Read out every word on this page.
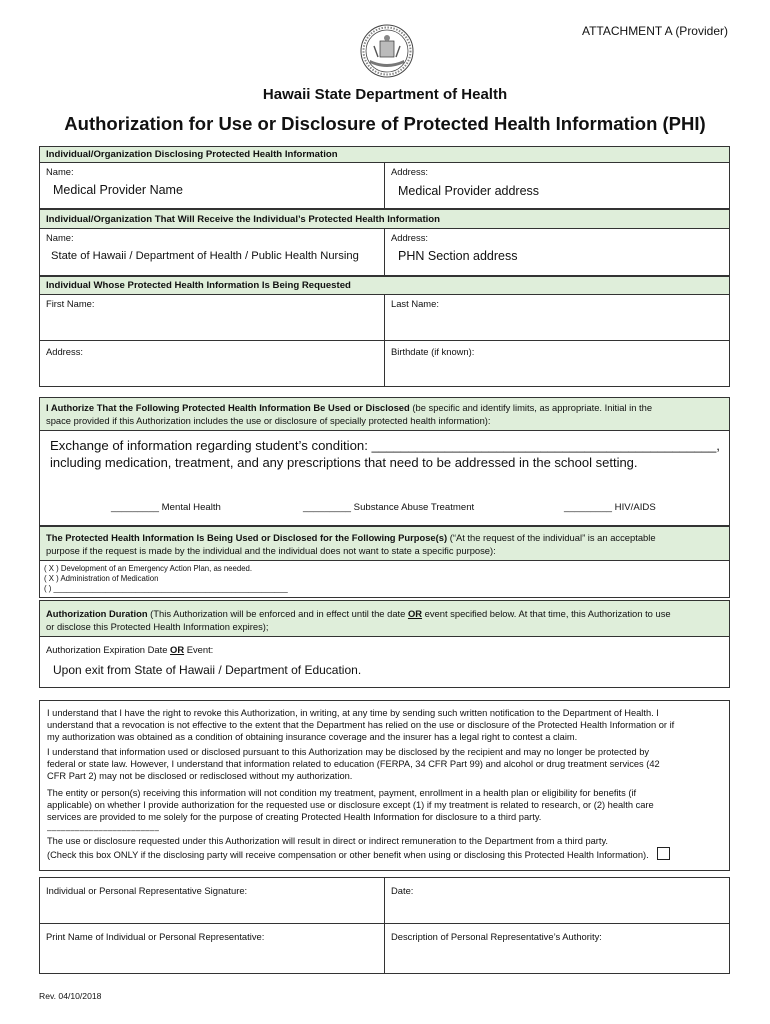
ATTACHMENT A (Provider)
Hawaii State Department of Health
Authorization for Use or Disclosure of Protected Health Information (PHI)
Individual/Organization Disclosing Protected Health Information
Name:
Medical Provider Name
Address:
Medical Provider address
Individual/Organization That Will Receive the Individual’s Protected Health Information
Name:
State of Hawaii / Department of Health / Public Health Nursing
Address:
PHN Section address
Individual Whose Protected Health Information Is Being Requested
First Name:	Last Name:
Address:	Birthdate (if known):
I Authorize That the Following Protected Health Information Be Used or Disclosed (be specific and identify limits, as appropriate. Initial in the
space provided if this Authorization includes the use or disclosure of specially protected health information):
Exchange of information regarding student’s condition: _______________________________________________,
including medication, treatment, and any prescriptions that need to be addressed in the school setting.
_________ Mental Health	_________ Substance Abuse Treatment	_________ HIV/AIDS
The Protected Health Information Is Being Used or Disclosed for the Following Purpose(s) (“At the request of the individual” is an acceptable
purpose if the request is made by the individual and the individual does not want to state a specific purpose):
( X ) Development of an Emergency Action Plan, as needed.
( X ) Administration of Medication
( ) ______________________________________________________
Authorization Duration (This Authorization will be enforced and in effect until the date OR event specified below. At that time, this Authorization to use
or disclose this Protected Health Information expires);
Authorization Expiration Date OR Event:
Upon exit from State of Hawaii / Department of Education.
I understand that I have the right to revoke this Authorization, in writing, at any time by sending such written notification to the Department of Health. I
understand that a revocation is not effective to the extent that the Department has relied on the use or disclosure of the Protected Health Information or if
my authorization was obtained as a condition of obtaining insurance coverage and the insurer has a legal right to contest a claim.
I understand that information used or disclosed pursuant to this Authorization may be disclosed by the recipient and may no longer be protected by
federal or state law. However, I understand that information related to education (FERPA, 34 CFR Part 99) and alcohol or drug treatment services (42
CFR Part 2) may not be disclosed or redisclosed without my authorization.
The entity or person(s) receiving this information will not condition my treatment, payment, enrollment in a health plan or eligibility for benefits (if
applicable) on whether I provide authorization for the requested use or disclosure except (1) if my treatment is related to research, or (2) health care
services are provided to me solely for the purpose of creating Protected Health Information for disclosure to a third party.
– – – – – – – – – – – – – – – – – – – – – – – –
The use or disclosure requested under this Authorization will result in direct or indirect remuneration to the Department from a third party.
(Check this box ONLY if the disclosing party will receive compensation or other benefit when using or disclosing this Protected Health Information).
Individual or Personal Representative Signature:	Date:
Print Name of Individual or Personal Representative:	Description of Personal Representative’s Authority:
Rev. 04/10/2018
